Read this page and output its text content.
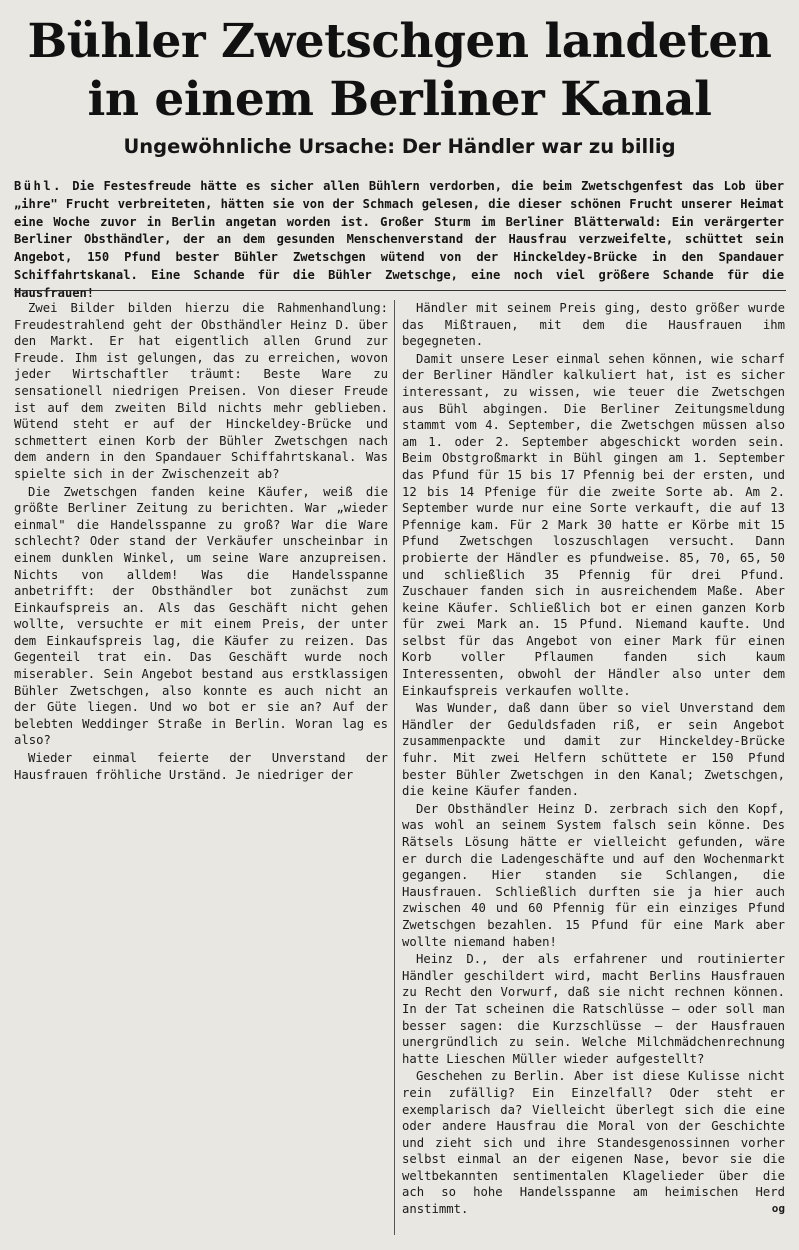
Bühler Zwetschgen landeten
in einem Berliner Kanal
Ungewöhnliche Ursache: Der Händler war zu billig
Bühl. Die Festesfreude hätte es sicher allen Bühlern verdorben, die beim Zwetschgenfest das Lob über „ihre" Frucht verbreiteten, hätten sie von der Schmach gelesen, die dieser schönen Frucht unserer Heimat eine Woche zuvor in Berlin angetan worden ist. Großer Sturm im Berliner Blätterwald: Ein verärgerter Berliner Obsthändler, der an dem gesunden Menschenverstand der Hausfrau verzweifelte, schüttet sein Angebot, 150 Pfund bester Bühler Zwetschgen wütend von der Hinckeldey-Brücke in den Spandauer Schiffahrtskanal. Eine Schande für die Bühler Zwetschge, eine noch viel größere Schande für die Hausfrauen!

Zwei Bilder bilden hierzu die Rahmenhandlung: Freudestrahlend geht der Obsthändler Heinz D. über den Markt. Er hat eigentlich allen Grund zur Freude. Ihm ist gelungen, das zu erreichen, wovon jeder Wirtschaftler träumt: Beste Ware zu sensationell niedrigen Preisen. Von dieser Freude ist auf dem zweiten Bild nichts mehr geblieben. Wütend steht er auf der Hinckeldey-Brücke und schmettert einen Korb der Bühler Zwetschgen nach dem andern in den Spandauer Schiffahrtskanal. Was spielte sich in der Zwischenzeit ab?

Die Zwetschgen fanden keine Käufer, weiß die größte Berliner Zeitung zu berichten. War „wieder einmal" die Handelsspanne zu groß? War die Ware schlecht? Oder stand der Verkäufer unscheinbar in einem dunklen Winkel, um seine Ware anzupreisen. Nichts von alldem! Was die Handelsspanne anbetrifft: der Obsthändler bot zunächst zum Einkaufspreis an. Als das Geschäft nicht gehen wollte, versuchte er mit einem Preis, der unter dem Einkaufspreis lag, die Käufer zu reizen. Das Gegenteil trat ein. Das Geschäft wurde noch miserabler. Sein Angebot bestand aus erstklassigen Bühler Zwetschgen, also konnte es auch nicht an der Güte liegen. Und wo bot er sie an? Auf der belebten Weddinger Straße in Berlin. Woran lag es also?

Wieder einmal feierte der Unverstand der Hausfrauen fröhliche Urständ. Je niedriger der

Händler mit seinem Preis ging, desto größer wurde das Mißtrauen, mit dem die Hausfrauen ihm begegneten.

Damit unsere Leser einmal sehen können, wie scharf der Berliner Händler kalkuliert hat, ist es sicher interessant, zu wissen, wie teuer die Zwetschgen aus Bühl abgingen. Die Berliner Zeitungsmeldung stammt vom 4. September, die Zwetschgen müssen also am 1. oder 2. September abgeschickt worden sein. Beim Obstgroßmarkt in Bühl gingen am 1. September das Pfund für 15 bis 17 Pfennig bei der ersten, und 12 bis 14 Pfenige für die zweite Sorte ab. Am 2. September wurde nur eine Sorte verkauft, die auf 13 Pfennige kam. Für 2 Mark 30 hatte er Körbe mit 15 Pfund Zwetschgen loszuschlagen versucht. Dann probierte der Händler es pfundweise. 85, 70, 65, 50 und schließlich 35 Pfennig für drei Pfund. Zuschauer fanden sich in ausreichendem Maße. Aber keine Käufer. Schließlich bot er einen ganzen Korb für zwei Mark an. 15 Pfund. Niemand kaufte. Und selbst für das Angebot von einer Mark für einen Korb voller Pflaumen fanden sich kaum Interessenten, obwohl der Händler also unter dem Einkaufspreis verkaufen wollte.

Was Wunder, daß dann über so viel Unverstand dem Händler der Geduldsfaden riß, er sein Angebot zusammenpackte und damit zur Hinckeldey-Brücke fuhr. Mit zwei Helfern schüttete er 150 Pfund bester Bühler Zwetschgen in den Kanal; Zwetschgen, die keine Käufer fanden.

Der Obsthändler Heinz D. zerbrach sich den Kopf, was wohl an seinem System falsch sein könne. Des Rätsels Lösung hätte er vielleicht gefunden, wäre er durch die Ladengeschäfte und auf den Wochenmarkt gegangen. Hier standen sie Schlangen, die Hausfrauen. Schließlich durften sie ja hier auch zwischen 40 und 60 Pfennig für ein einziges Pfund Zwetschgen bezahlen. 15 Pfund für eine Mark aber wollte niemand haben!

Heinz D., der als erfahrener und routinierter Händler geschildert wird, macht Berlins Hausfrauen zu Recht den Vorwurf, daß sie nicht rechnen können. In der Tat scheinen die Ratschlüsse — oder soll man besser sagen: die Kurzschlüsse — der Hausfrauen unergründlich zu sein. Welche Milchmädchenrechnung hatte Lieschen Müller wieder aufgestellt?

Geschehen zu Berlin. Aber ist diese Kulisse nicht rein zufällig? Ein Einzelfall? Oder steht er exemplarisch da? Vielleicht überlegt sich die eine oder andere Hausfrau die Moral von der Geschichte und zieht sich und ihre Standesgenossinnen vorher selbst einmal an der eigenen Nase, bevor sie die weltbekannten sentimentalen Klagelieder über die ach so hohe Handelsspanne am heimischen Herd anstimmt.	og
